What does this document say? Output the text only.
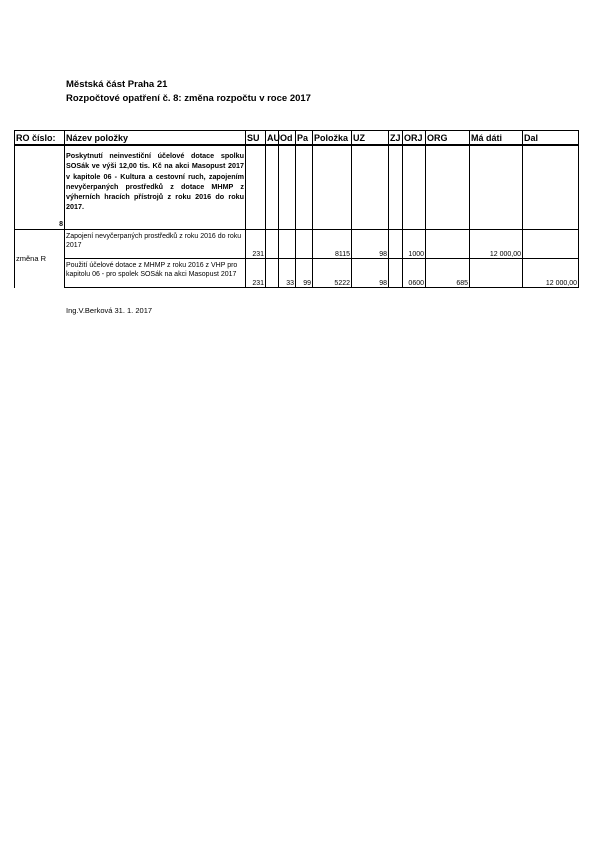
Městská část Praha 21
Rozpočtové opatření č. 8: změna rozpočtu v roce 2017
RO číslo:	Název položky	SU	AU	Od	Pa	Položka	UZ	ZJ	ORJ	ORG	Má dáti	Dal
8	Poskytnutí neinvestiční účelové dotace spolku SOSák ve výši 12,00 tis. Kč na akci Masopust 2017 v kapitole 06 - Kultura a cestovní ruch, zapojením nevyčerpaných prostředků z dotace MHMP z výherních hracích přístrojů z roku 2016 do roku 2017.											
změna R	Zapojení nevyčerpaných prostředků z roku 2016 do roku 2017	231				8115	98		1000		12 000,00	
	Použití účelové dotace z MHMP z roku 2016 z VHP pro kapitolu 06 - pro spolek SOSák na akci Masopust 2017	231		33	99	5222	98		0600	685		12 000,00
Ing.V.Berková 31. 1. 2017
